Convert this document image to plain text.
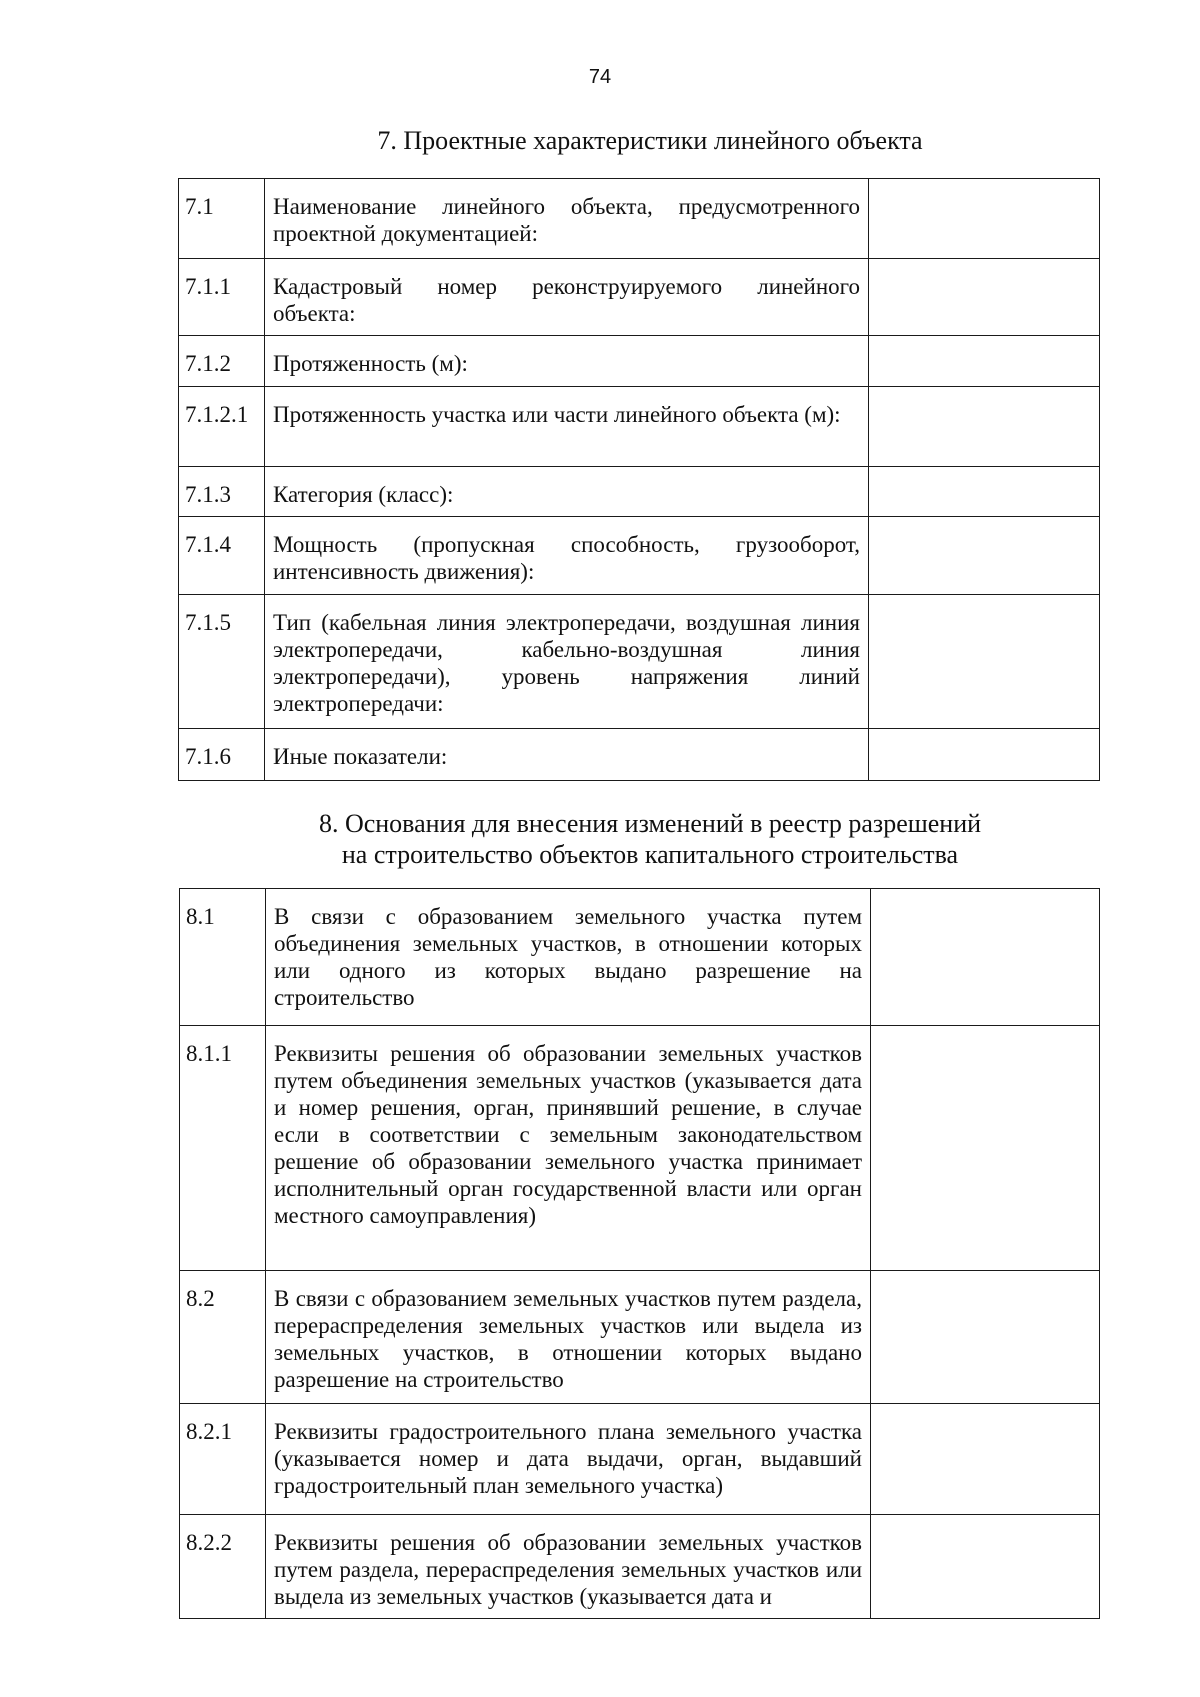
74
7. Проектные характеристики линейного объекта
7.1	Наименование линейного объекта, предусмотренного проектной документацией:	
7.1.1	Кадастровый номер реконструируемого линейного объекта:	
7.1.2	Протяженность (м):	
7.1.2.1	Протяженность участка или части линейного объекта (м):	
7.1.3	Категория (класс):	
7.1.4	Мощность (пропускная способность, грузооборот, интенсивность движения):	
7.1.5	Тип (кабельная линия электропередачи, воздушная линия электропередачи, кабельно-воздушная линия электропередачи), уровень напряжения линий электропередачи:	
7.1.6	Иные показатели:	
8. Основания для внесения изменений в реестр разрешений
на строительство объектов капитального строительства
8.1	В связи с образованием земельного участка путем объединения земельных участков, в отношении которых или одного из которых выдано разрешение на строительство	
8.1.1	Реквизиты решения об образовании земельных участков путем объединения земельных участков (указывается дата и номер решения, орган, принявший решение, в случае если в соответствии с земельным законодательством решение об образовании земельного участка принимает исполнительный орган государственной власти или орган местного самоуправления)	
8.2	В связи с образованием земельных участков путем раздела, перераспределения земельных участков или выдела из земельных участков, в отношении которых выдано разрешение на строительство	
8.2.1	Реквизиты градостроительного плана земельного участка (указывается номер и дата выдачи, орган, выдавший градостроительный план земельного участка)	
8.2.2	Реквизиты решения об образовании земельных участков путем раздела, перераспределения земельных участков или выдела из земельных участков (указывается дата и	
